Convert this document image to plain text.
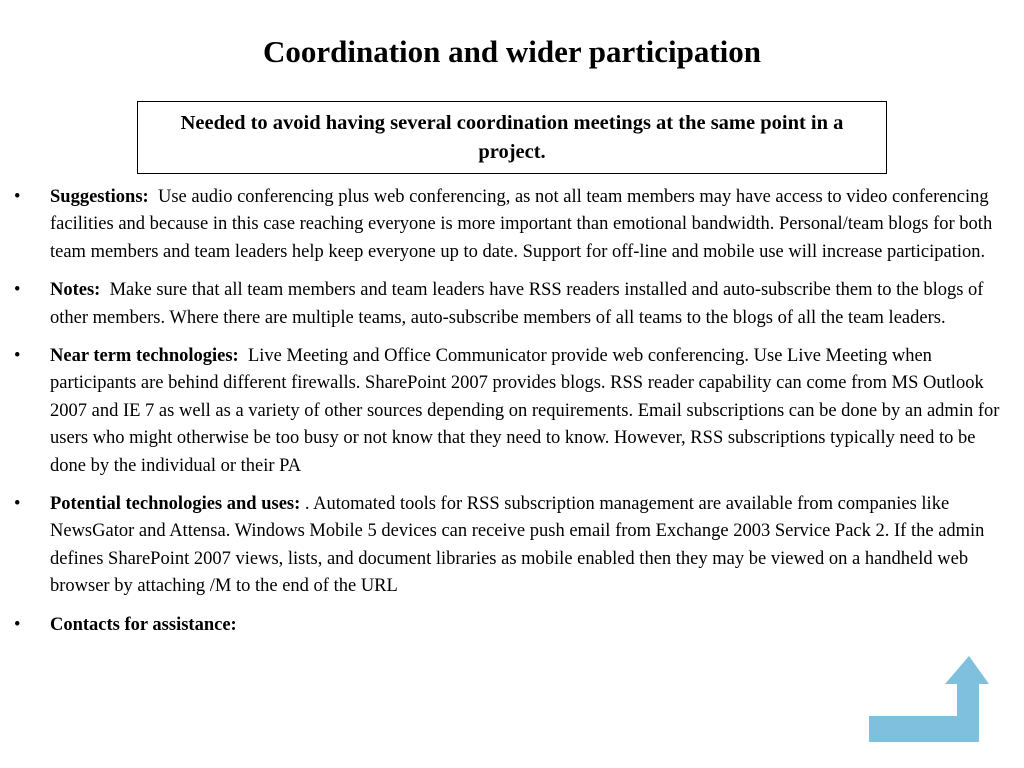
Coordination and wider participation
Needed to avoid having several coordination meetings at the same point in a project.
• Suggestions: Use audio conferencing plus web conferencing, as not all team members may have access to video conferencing facilities and because in this case reaching everyone is more important than emotional bandwidth. Personal/team blogs for both team members and team leaders help keep everyone up to date. Support for off-line and mobile use will increase participation.
• Notes: Make sure that all team members and team leaders have RSS readers installed and auto-subscribe them to the blogs of other members. Where there are multiple teams, auto-subscribe members of all teams to the blogs of all the team leaders.
• Near term technologies: Live Meeting and Office Communicator provide web conferencing. Use Live Meeting when participants are behind different firewalls. SharePoint 2007 provides blogs. RSS reader capability can come from MS Outlook 2007 and IE 7 as well as a variety of other sources depending on requirements. Email subscriptions can be done by an admin for users who might otherwise be too busy or not know that they need to know. However, RSS subscriptions typically need to be done by the individual or their PA
• Potential technologies and uses: . Automated tools for RSS subscription management are available from companies like NewsGator and Attensa. Windows Mobile 5 devices can receive push email from Exchange 2003 Service Pack 2. If the admin defines SharePoint 2007 views, lists, and document libraries as mobile enabled then they may be viewed on a handheld web browser by attaching /M to the end of the URL
• Contacts for assistance:
